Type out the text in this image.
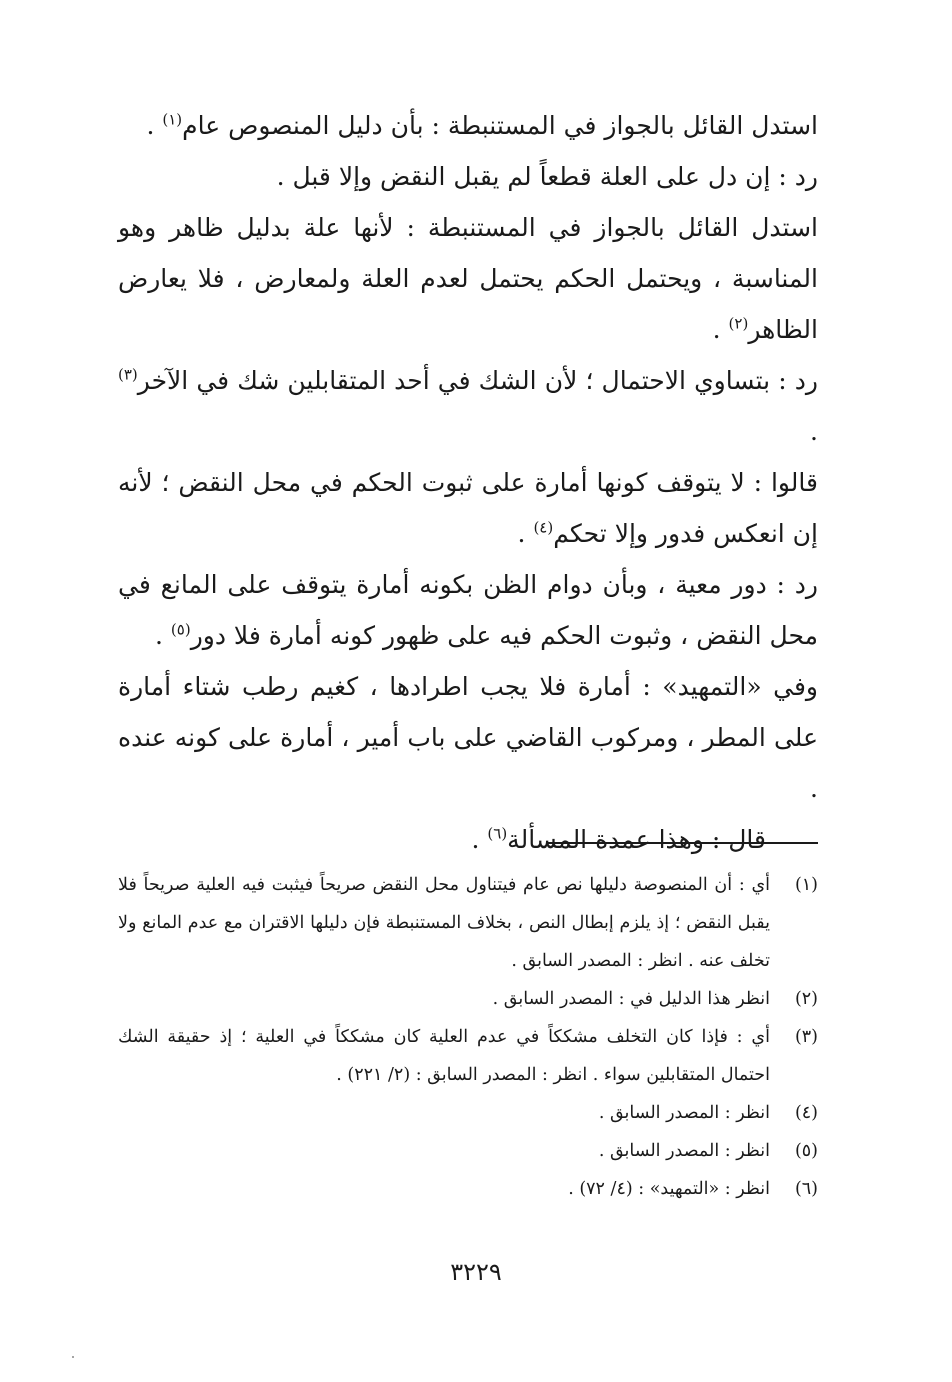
استدل القائل بالجواز في المستنبطة : بأن دليل المنصوص عام$^{(١)}$ .

رد : إن دل على العلة قطعاً لم يقبل النقض وإلا قبل .

استدل القائل بالجواز في المستنبطة : لأنها علة بدليل ظاهر وهو المناسبة ، ويحتمل الحكم يحتمل لعدم العلة ولمعارض ، فلا يعارض الظاهر$^{(٢)}$ .

رد : بتساوي الاحتمال ؛ لأن الشك في أحد المتقابلين شك في الآخر$^{(٣)}$ .

قالوا : لا يتوقف كونها أمارة على ثبوت الحكم في محل النقض ؛ لأنه إن انعكس فدور وإلا تحكم$^{(٤)}$ .

رد : دور معية ، وبأن دوام الظن بكونه أمارة يتوقف على المانع في محل النقض ، وثبوت الحكم فيه على ظهور كونه أمارة فلا دور$^{(٥)}$ .

وفي «التمهيد» : أمارة فلا يجب اطرادها ، كغيم رطب شتاء أمارة على المطر ، ومركوب القاضي على باب أمير ، أمارة على كونه عنده .

قال : وهذا عمدة المسألة$^{(٦)}$ .

(١)
أي : أن المنصوصة دليلها نص عام فيتناول محل النقض صريحاً فيثبت فيه العلية صريحاً فلا يقبل النقض ؛ إذ يلزم إبطال النص ، بخلاف المستنبطة فإن دليلها الاقتران مع عدم المانع ولا تخلف عنه . انظر : المصدر السابق .
(٢)
انظر هذا الدليل في : المصدر السابق .
(٣)
أي : فإذا كان التخلف مشككاً في عدم العلية كان مشككاً في العلية ؛ إذ حقيقة الشك احتمال المتقابلين سواء . انظر : المصدر السابق : (٢/ ٢٢١) .
(٤)
انظر : المصدر السابق .
(٥)
انظر : المصدر السابق .
(٦)
انظر : «التمهيد» : (٤/ ٧٢) .
٣٢٢٩
